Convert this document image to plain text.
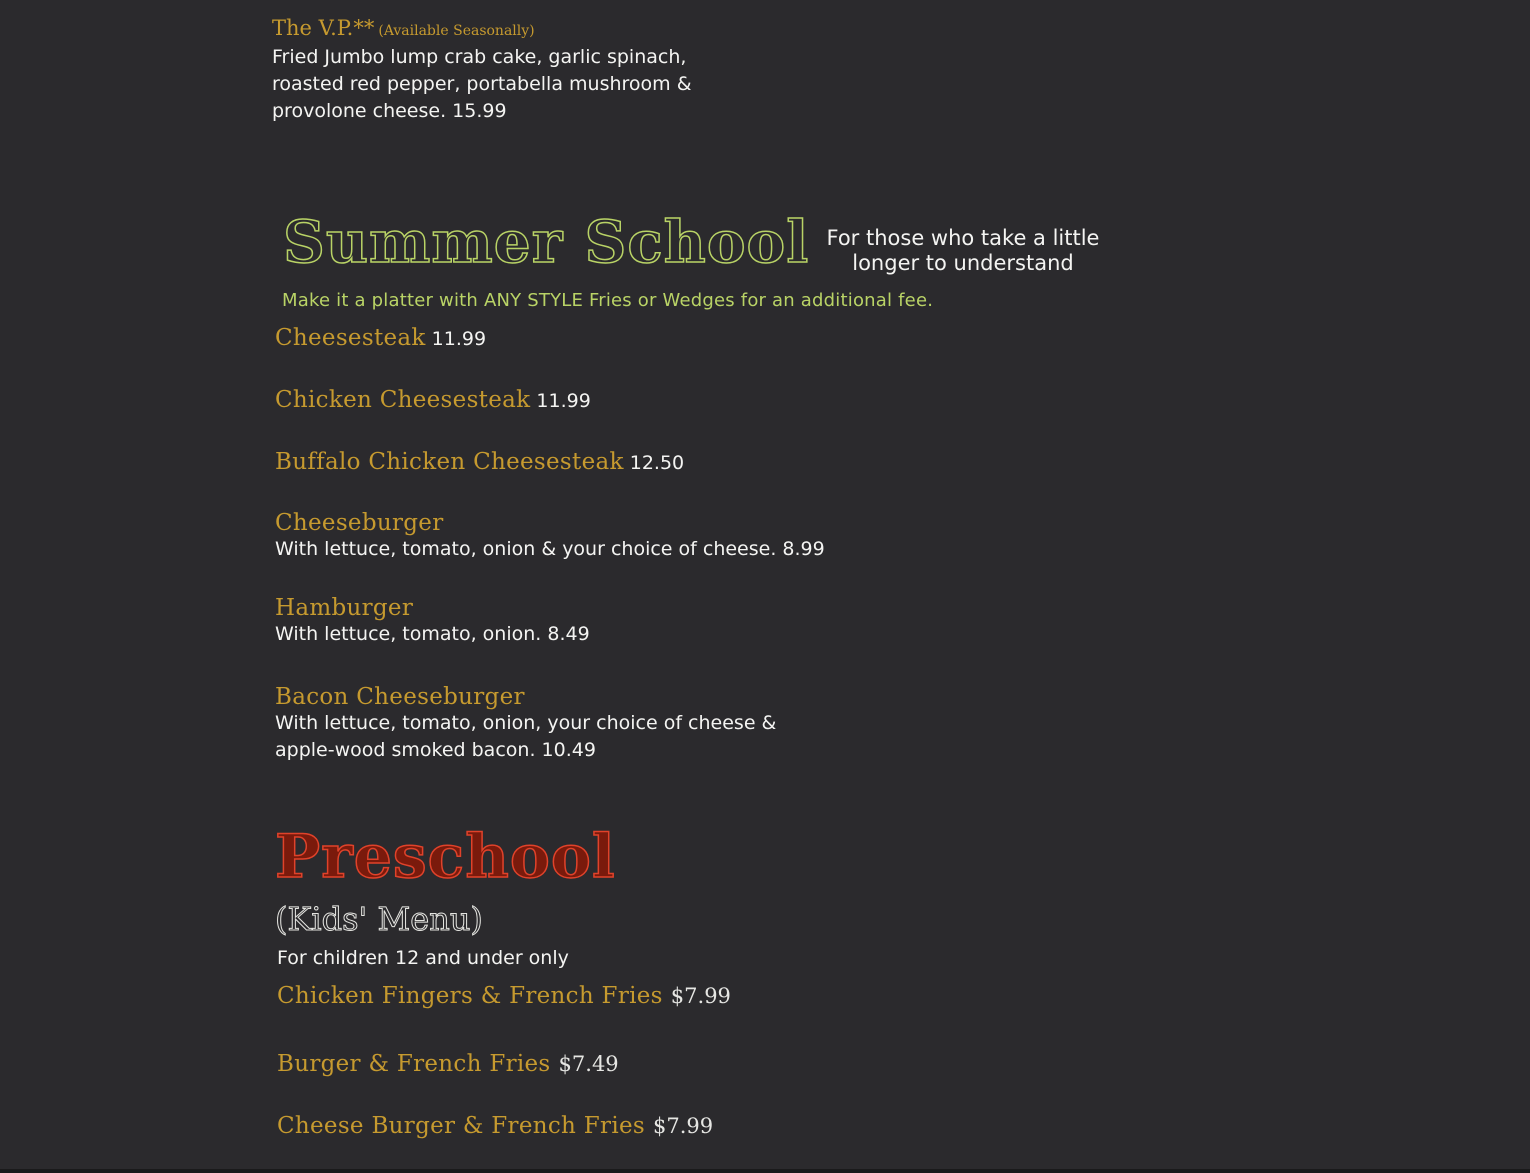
The V.P.** (Available Seasonally)
Fried Jumbo lump crab cake, garlic spinach, roasted red pepper, portabella mushroom & provolone cheese. 15.99
Summer School For those who take a little longer to understand
Make it a platter with ANY STYLE Fries or Wedges for an additional fee.
Cheesesteak 11.99
Chicken Cheesesteak 11.99
Buffalo Chicken Cheesesteak 12.50
Cheeseburger
With lettuce, tomato, onion & your choice of cheese. 8.99
Hamburger
With lettuce, tomato, onion. 8.49
Bacon Cheeseburger
With lettuce, tomato, onion, your choice of cheese & apple-wood smoked bacon. 10.49
Preschool
(Kids' Menu)
For children 12 and under only
Chicken Fingers & French Fries $7.99
Burger & French Fries $7.49
Cheese Burger & French Fries $7.99
